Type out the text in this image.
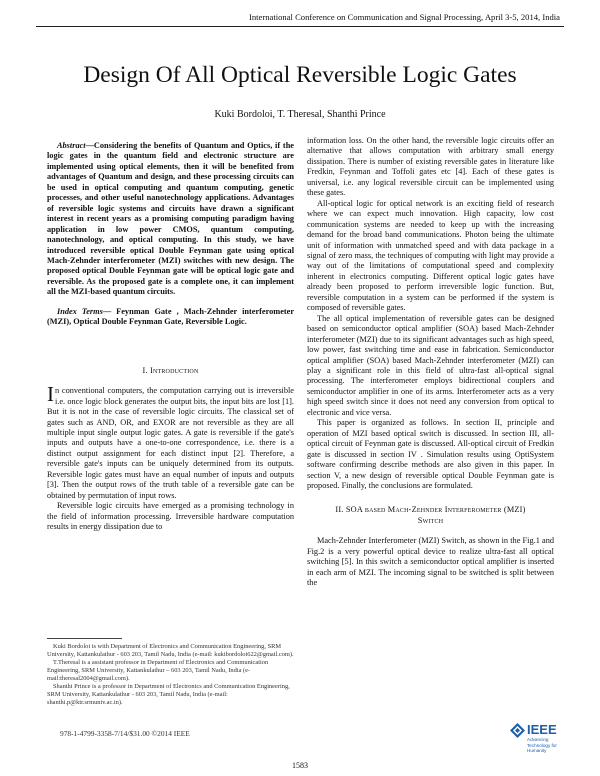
International Conference on Communication and Signal Processing, April 3-5, 2014, India
Design Of All Optical Reversible Logic Gates
Kuki Bordoloi, T. Theresal, Shanthi Prince

Abstract—Considering the benefits of Quantum and Optics, if the logic gates in the quantum field and electronic structure are implemented using optical elements, then it will be benefited from advantages of Quantum and design, and these processing circuits can be used in optical computing and quantum computing, genetic processes, and other useful nanotechnology applications. Advantages of reversible logic systems and circuits have drawn a significant interest in recent years as a promising computing paradigm having application in low power CMOS, quantum computing, nanotechnology, and optical computing. In this study, we have introduced reversible optical Double Feynman gate using optical Mach-Zehnder interferometer (MZI) switches with new design. The proposed optical Double Feynman gate will be optical logic gate and reversible. As the proposed gate is a complete one, it can implement all the MZI-based quantum circuits.

Index Terms— Feynman Gate , Mach-Zehnder interferometer (MZI), Optical Double Feynman Gate, Reversible Logic.

I. Introduction

In conventional computers, the computation carrying out is irreversible i.e. once logic block generates the output bits, the input bits are lost [1]. But it is not in the case of reversible logic circuits. The classical set of gates such as AND, OR, and EXOR are not reversible as they are all multiple input single output logic gates. A gate is reversible if the gate's inputs and outputs have a one-to-one correspondence, i.e. there is a distinct output assignment for each distinct input [2]. Therefore, a reversible gate's inputs can be uniquely determined from its outputs. Reversible logic gates must have an equal number of inputs and outputs [3]. Then the output rows of the truth table of a reversible gate can be obtained by permutation of input rows.

Reversible logic circuits have emerged as a promising technology in the field of information processing. Irreversible hardware computation results in energy dissipation due to

Kuki Bordoloi is with Department of Electronics and Communication Engineering, SRM University, Kattankulathur - 603 203, Tamil Nadu, India (e-mail: kukibordoloi622@gmail.com).

T.Theresal is a assistant professor in Department of Electronics and Communication Engineering, SRM University, Kattankulathur – 603 203, Tamil Nadu, India (e-mail:theresal2004@gmail.com).

Shanthi Prince is a professor in Department of Electronics and Communication Engineering, SRM University, Kattankulathur - 603 203, Tamil Nadu, India (e-mail: shanthi.p@ktr.srmuniv.ac.in).

978-1-4799-3358-7/14/$31.00 ©2014 IEEE

information loss. On the other hand, the reversible logic circuits offer an alternative that allows computation with arbitrary small energy dissipation. There is number of existing reversible gates in literature like Fredkin, Feynman and Toffoli gates etc [4]. Each of these gates is universal, i.e. any logical reversible circuit can be implemented using these gates.

All-optical logic for optical network is an exciting field of research where we can expect much innovation. High capacity, low cost communication systems are needed to keep up with the increasing demand for the broad band communications. Photon being the ultimate unit of information with unmatched speed and with data package in a signal of zero mass, the techniques of computing with light may provide a way out of the limitations of computational speed and complexity inherent in electronics computing. Different optical logic gates have already been proposed to perform irreversible logic function. But, reversible computation in a system can be performed if the system is composed of reversible gates.

The all optical implementation of reversible gates can be designed based on semiconductor optical amplifier (SOA) based Mach-Zehnder interferometer (MZI) due to its significant advantages such as high speed, low power, fast switching time and ease in fabrication. Semiconductor optical amplifier (SOA) based Mach-Zehnder interferometer (MZI) can play a significant role in this field of ultra-fast all-optical signal processing. The interferometer employs bidirectional couplers and semiconductor amplifier in one of its arms. Interferometer acts as a very high speed switch since it does not need any conversion from optical to electronic and vice versa.

This paper is organized as follows. In section II, principle and operation of MZI based optical switch is discussed. In section III, all-optical circuit of Feynman gate is discussed. All-optical circuit of Fredkin gate is discussed in section IV . Simulation results using OptiSystem software confirming describe methods are also given in this paper. In section V, a new design of reversible optical Double Feynman gate is proposed. Finally, the conclusions are formulated.

II. SOA based Mach-Zehnder Interferometer (MZI)
Switch

Mach-Zehnder Interferometer (MZI) Switch, as shown in the Fig.1 and Fig.2 is a very powerful optical device to realize ultra-fast all optical switching [5]. In this switch a semiconductor optical amplifier is inserted in each arm of MZI. The incoming signal to be switched is split between the

IEEE
Advancing Technology for Humanity
1583
